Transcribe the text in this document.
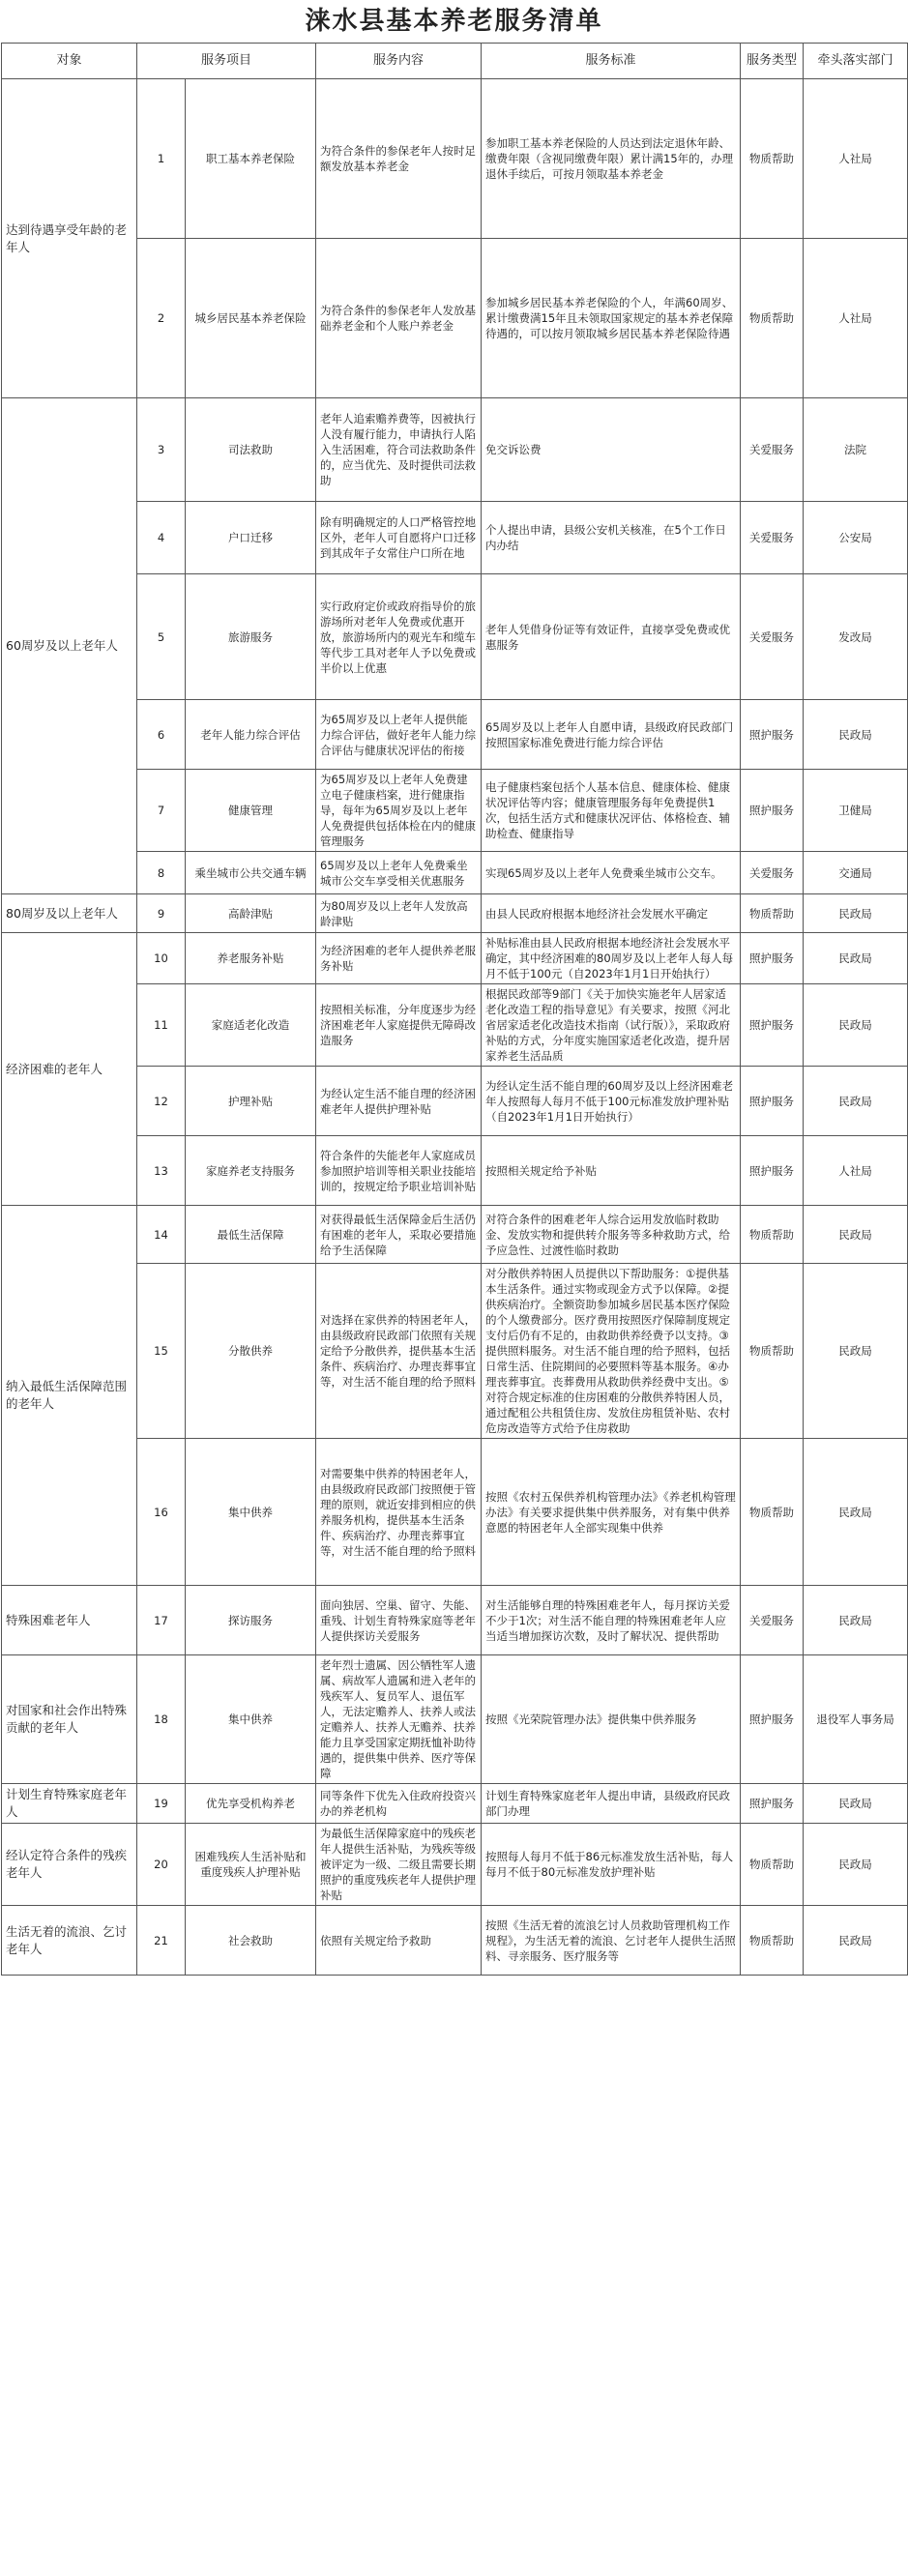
涞水县基本养老服务清单
对象	服务项目		服务内容	服务标准	服务类型	牵头落实部门
达到待遇享受年龄的老年人	1	职工基本养老保险	为符合条件的参保老年人按时足额发放基本养老金	参加职工基本养老保险的人员达到法定退休年龄、缴费年限（含视同缴费年限）累计满15年的，办理退休手续后，可按月领取基本养老金	物质帮助	人社局
	2	城乡居民基本养老保险	为符合条件的参保老年人发放基础养老金和个人账户养老金	参加城乡居民基本养老保险的个人，年满60周岁、累计缴费满15年且未领取国家规定的基本养老保障待遇的，可以按月领取城乡居民基本养老保险待遇	物质帮助	人社局
60周岁及以上老年人	3	司法救助	老年人追索赡养费等，因被执行人没有履行能力，申请执行人陷入生活困难，符合司法救助条件的，应当优先、及时提供司法救助	免交诉讼费	关爱服务	法院
	4	户口迁移	除有明确规定的人口严格管控地区外，老年人可自愿将户口迁移到其成年子女常住户口所在地	个人提出申请，县级公安机关核准，在5个工作日内办结	关爱服务	公安局
	5	旅游服务	实行政府定价或政府指导价的旅游场所对老年人免费或优惠开放，旅游场所内的观光车和缆车等代步工具对老年人予以免费或半价以上优惠	老年人凭借身份证等有效证件，直接享受免费或优惠服务	关爱服务	发改局
	6	老年人能力综合评估	为65周岁及以上老年人提供能力综合评估，做好老年人能力综合评估与健康状况评估的衔接	65周岁及以上老年人自愿申请，县级政府民政部门按照国家标准免费进行能力综合评估	照护服务	民政局
	7	健康管理	为65周岁及以上老年人免费建立电子健康档案，进行健康指导，每年为65周岁及以上老年人免费提供包括体检在内的健康管理服务	电子健康档案包括个人基本信息、健康体检、健康状况评估等内容；健康管理服务每年免费提供1次，包括生活方式和健康状况评估、体格检查、辅助检查、健康指导	照护服务	卫健局
	8	乘坐城市公共交通车辆	65周岁及以上老年人免费乘坐城市公交车享受相关优惠服务	实现65周岁及以上老年人免费乘坐城市公交车。	关爱服务	交通局
80周岁及以上老年人	9	高龄津贴	为80周岁及以上老年人发放高龄津贴	由县人民政府根据本地经济社会发展水平确定	物质帮助	民政局
经济困难的老年人	10	养老服务补贴	为经济困难的老年人提供养老服务补贴	补贴标准由县人民政府根据本地经济社会发展水平确定，其中经济困难的80周岁及以上老年人每人每月不低于100元（自2023年1月1日开始执行）	照护服务	民政局
	11	家庭适老化改造	按照相关标准，分年度逐步为经济困难老年人家庭提供无障碍改造服务	根据民政部等9部门《关于加快实施老年人居家适老化改造工程的指导意见》有关要求，按照《河北省居家适老化改造技术指南（试行版）》，采取政府补贴的方式，分年度实施国家适老化改造，提升居家养老生活品质	照护服务	民政局
	12	护理补贴	为经认定生活不能自理的经济困难老年人提供护理补贴	为经认定生活不能自理的60周岁及以上经济困难老年人按照每人每月不低于100元标准发放护理补贴（自2023年1月1日开始执行）	照护服务	民政局
	13	家庭养老支持服务	符合条件的失能老年人家庭成员参加照护培训等相关职业技能培训的，按规定给予职业培训补贴	按照相关规定给予补贴	照护服务	人社局
纳入最低生活保障范围的老年人	14	最低生活保障	对获得最低生活保障金后生活仍有困难的老年人，采取必要措施给予生活保障	对符合条件的困难老年人综合运用发放临时救助金、发放实物和提供转介服务等多种救助方式，给予应急性、过渡性临时救助	物质帮助	民政局
	15	分散供养	对选择在家供养的特困老年人，由县级政府民政部门依照有关规定给予分散供养，提供基本生活条件、疾病治疗、办理丧葬事宜等，对生活不能自理的给予照料	对分散供养特困人员提供以下帮助服务：①提供基本生活条件。通过实物或现金方式予以保障。②提供疾病治疗。全额资助参加城乡居民基本医疗保险的个人缴费部分。医疗费用按照医疗保障制度规定支付后仍有不足的，由救助供养经费予以支持。③提供照料服务。对生活不能自理的给予照料，包括日常生活、住院期间的必要照料等基本服务。④办理丧葬事宜。丧葬费用从救助供养经费中支出。⑤对符合规定标准的住房困难的分散供养特困人员，通过配租公共租赁住房、发放住房租赁补贴、农村危房改造等方式给予住房救助	物质帮助	民政局
	16	集中供养	对需要集中供养的特困老年人，由县级政府民政部门按照便于管理的原则，就近安排到相应的供养服务机构，提供基本生活条件、疾病治疗、办理丧葬事宜等，对生活不能自理的给予照料	按照《农村五保供养机构管理办法》《养老机构管理办法》有关要求提供集中供养服务，对有集中供养意愿的特困老年人全部实现集中供养	物质帮助	民政局
特殊困难老年人	17	探访服务	面向独居、空巢、留守、失能、重残、计划生育特殊家庭等老年人提供探访关爱服务	对生活能够自理的特殊困难老年人，每月探访关爱不少于1次；对生活不能自理的特殊困难老年人应当适当增加探访次数，及时了解状况、提供帮助	关爱服务	民政局
对国家和社会作出特殊贡献的老年人	18	集中供养	老年烈士遗属、因公牺牲军人遗属、病故军人遗属和进入老年的残疾军人、复员军人、退伍军人，无法定赡养人、扶养人或法定赡养人、扶养人无赡养、扶养能力且享受国家定期抚恤补助待遇的，提供集中供养、医疗等保障	按照《光荣院管理办法》提供集中供养服务	照护服务	退役军人事务局
计划生育特殊家庭老年人	19	优先享受机构养老	同等条件下优先入住政府投资兴办的养老机构	计划生育特殊家庭老年人提出申请，县级政府民政部门办理	照护服务	民政局
经认定符合条件的残疾老年人	20	困难残疾人生活补贴和重度残疾人护理补贴	为最低生活保障家庭中的残疾老年人提供生活补贴，为残疾等级被评定为一级、二级且需要长期照护的重度残疾老年人提供护理补贴	按照每人每月不低于86元标准发放生活补贴，每人每月不低于80元标准发放护理补贴	物质帮助	民政局
生活无着的流浪、乞讨老年人	21	社会救助	依照有关规定给予救助	按照《生活无着的流浪乞讨人员救助管理机构工作规程》，为生活无着的流浪、乞讨老年人提供生活照料、寻亲服务、医疗服务等	物质帮助	民政局
